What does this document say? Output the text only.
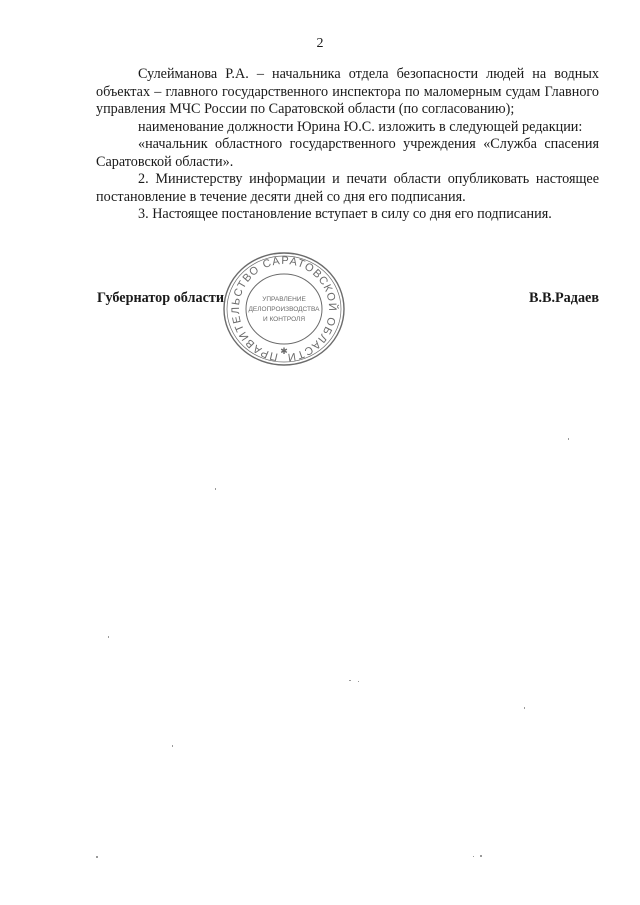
2

Сулейманова Р.А. – начальника отдела безопасности людей на водных объектах – главного государственного инспектора по маломерным судам Главного управления МЧС России по Саратовской области (по согласованию);

наименование должности Юрина Ю.С. изложить в следующей редакции:

«начальник областного государственного учреждения «Служба спасения Саратовской области».

2. Министерству информации и печати области опубликовать настоящее постановление в течение десяти дней со дня его подписания.

3. Настоящее постановление вступает в силу со дня его подписания.

Губернатор области	В.В.Радаев
ПРАВИТЕЛЬСТВО САРАТОВСКОЙ ОБЛАСТИ
УПРАВЛЕНИЕ
ДЕЛОПРОИЗВОДСТВА
И КОНТРОЛЯ
✱
